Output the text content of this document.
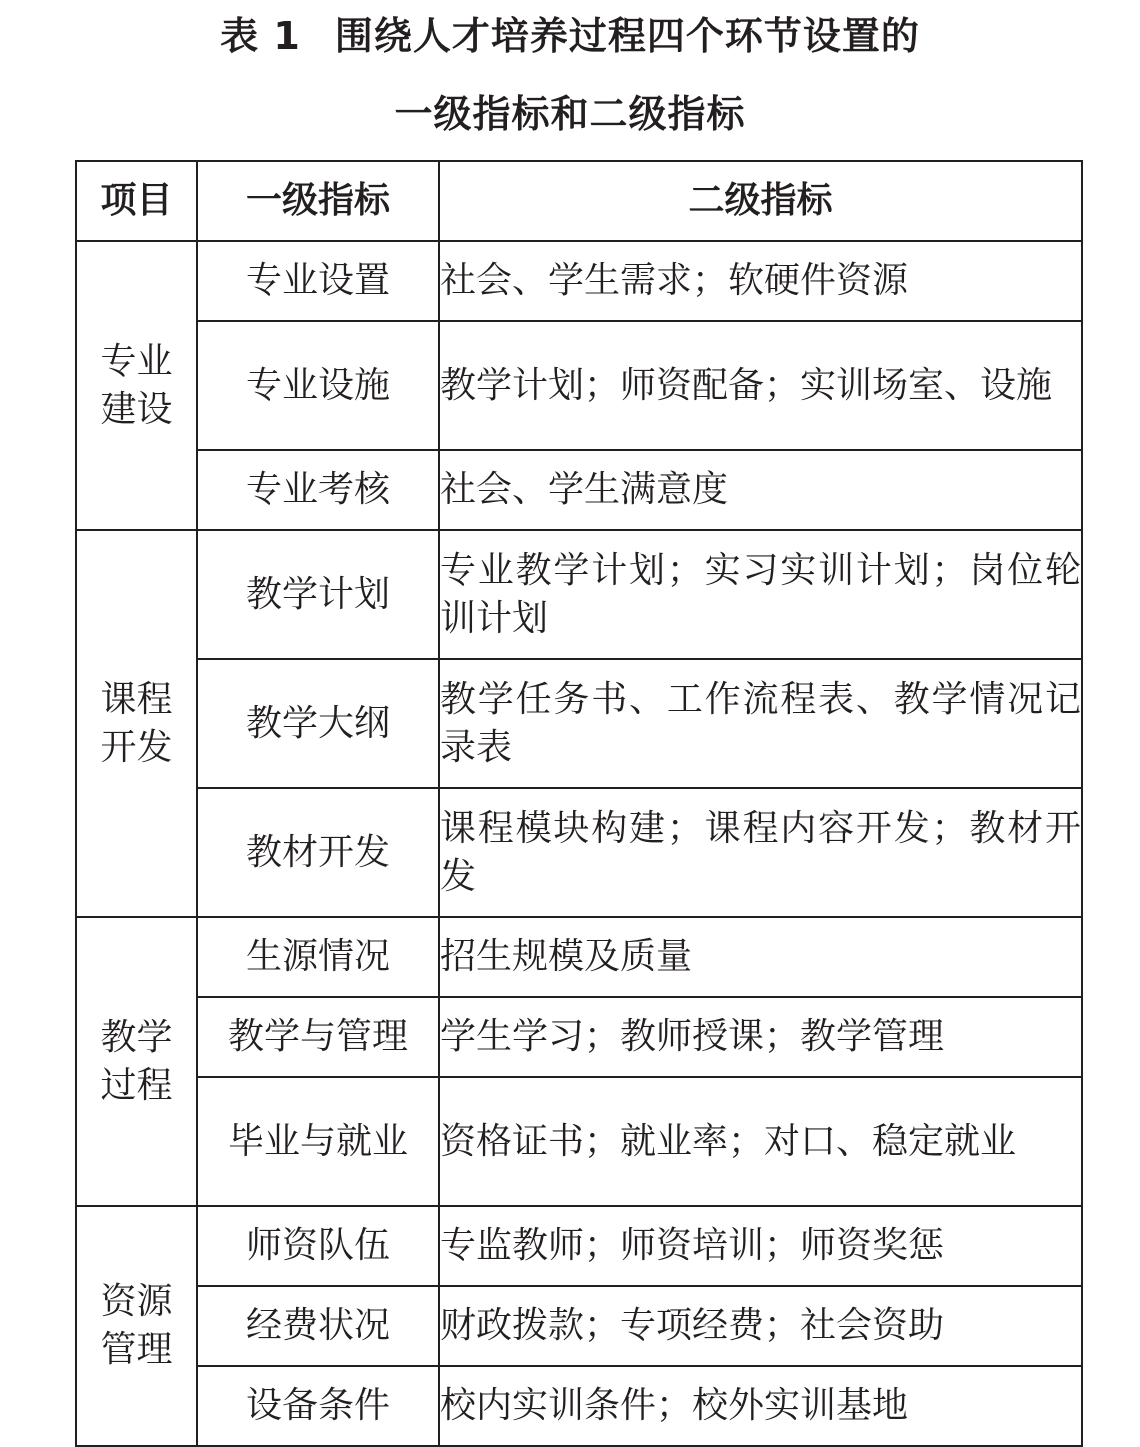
表 1 围绕人才培养过程四个环节设置的
一级指标和二级指标
项目	一级指标	二级指标
专业建设	专业设置	社会、学生需求；软硬件资源
	专业设施	教学计划；师资配备；实训场室、设施
	专业考核	社会、学生满意度
课程开发	教学计划	专业教学计划；实习实训计划；岗位轮训计划
	教学大纲	教学任务书、工作流程表、教学情况记录表
	教材开发	课程模块构建；课程内容开发；教材开发
教学过程	生源情况	招生规模及质量
	教学与管理	学生学习；教师授课；教学管理
	毕业与就业	资格证书；就业率；对口、稳定就业
资源管理	师资队伍	专监教师；师资培训；师资奖惩
	经费状况	财政拨款；专项经费；社会资助
	设备条件	校内实训条件；校外实训基地
